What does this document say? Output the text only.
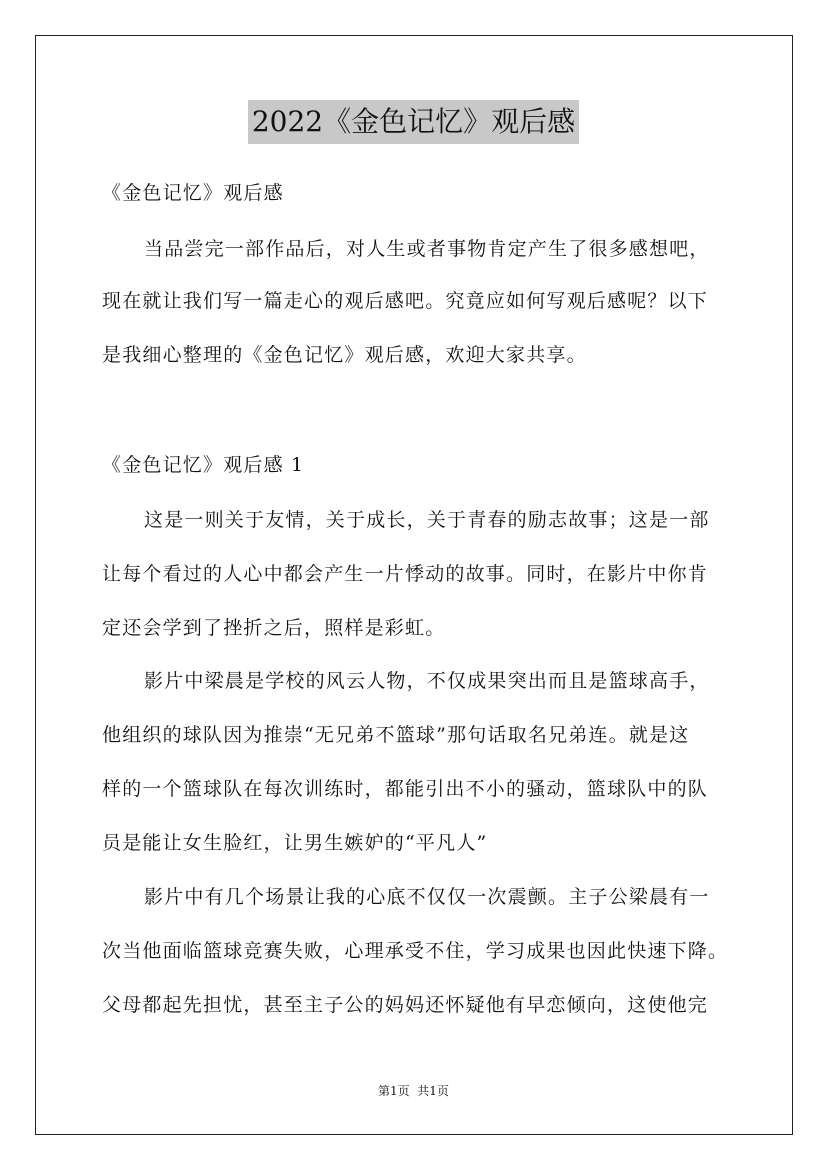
2022《金色记忆》观后感
《金色记忆》观后感
当品尝完一部作品后，对人生或者事物肯定产生了很多感想吧，
现在就让我们写一篇走心的观后感吧。究竟应如何写观后感呢？以下
是我细心整理的《金色记忆》观后感，欢迎大家共享。
《金色记忆》观后感 1
这是一则关于友情，关于成长，关于青春的励志故事；这是一部
让每个看过的人心中都会产生一片悸动的故事。同时，在影片中你肯
定还会学到了挫折之后，照样是彩虹。
影片中梁晨是学校的风云人物，不仅成果突出而且是篮球高手，
他组织的球队因为推崇“无兄弟不篮球”那句话取名兄弟连。就是这
样的一个篮球队在每次训练时，都能引出不小的骚动，篮球队中的队
员是能让女生脸红，让男生嫉妒的“平凡人”
影片中有几个场景让我的心底不仅仅一次震颤。主子公梁晨有一
次当他面临篮球竞赛失败，心理承受不住，学习成果也因此快速下降。
父母都起先担忧，甚至主子公的妈妈还怀疑他有早恋倾向，这使他完
第1页  共1页
